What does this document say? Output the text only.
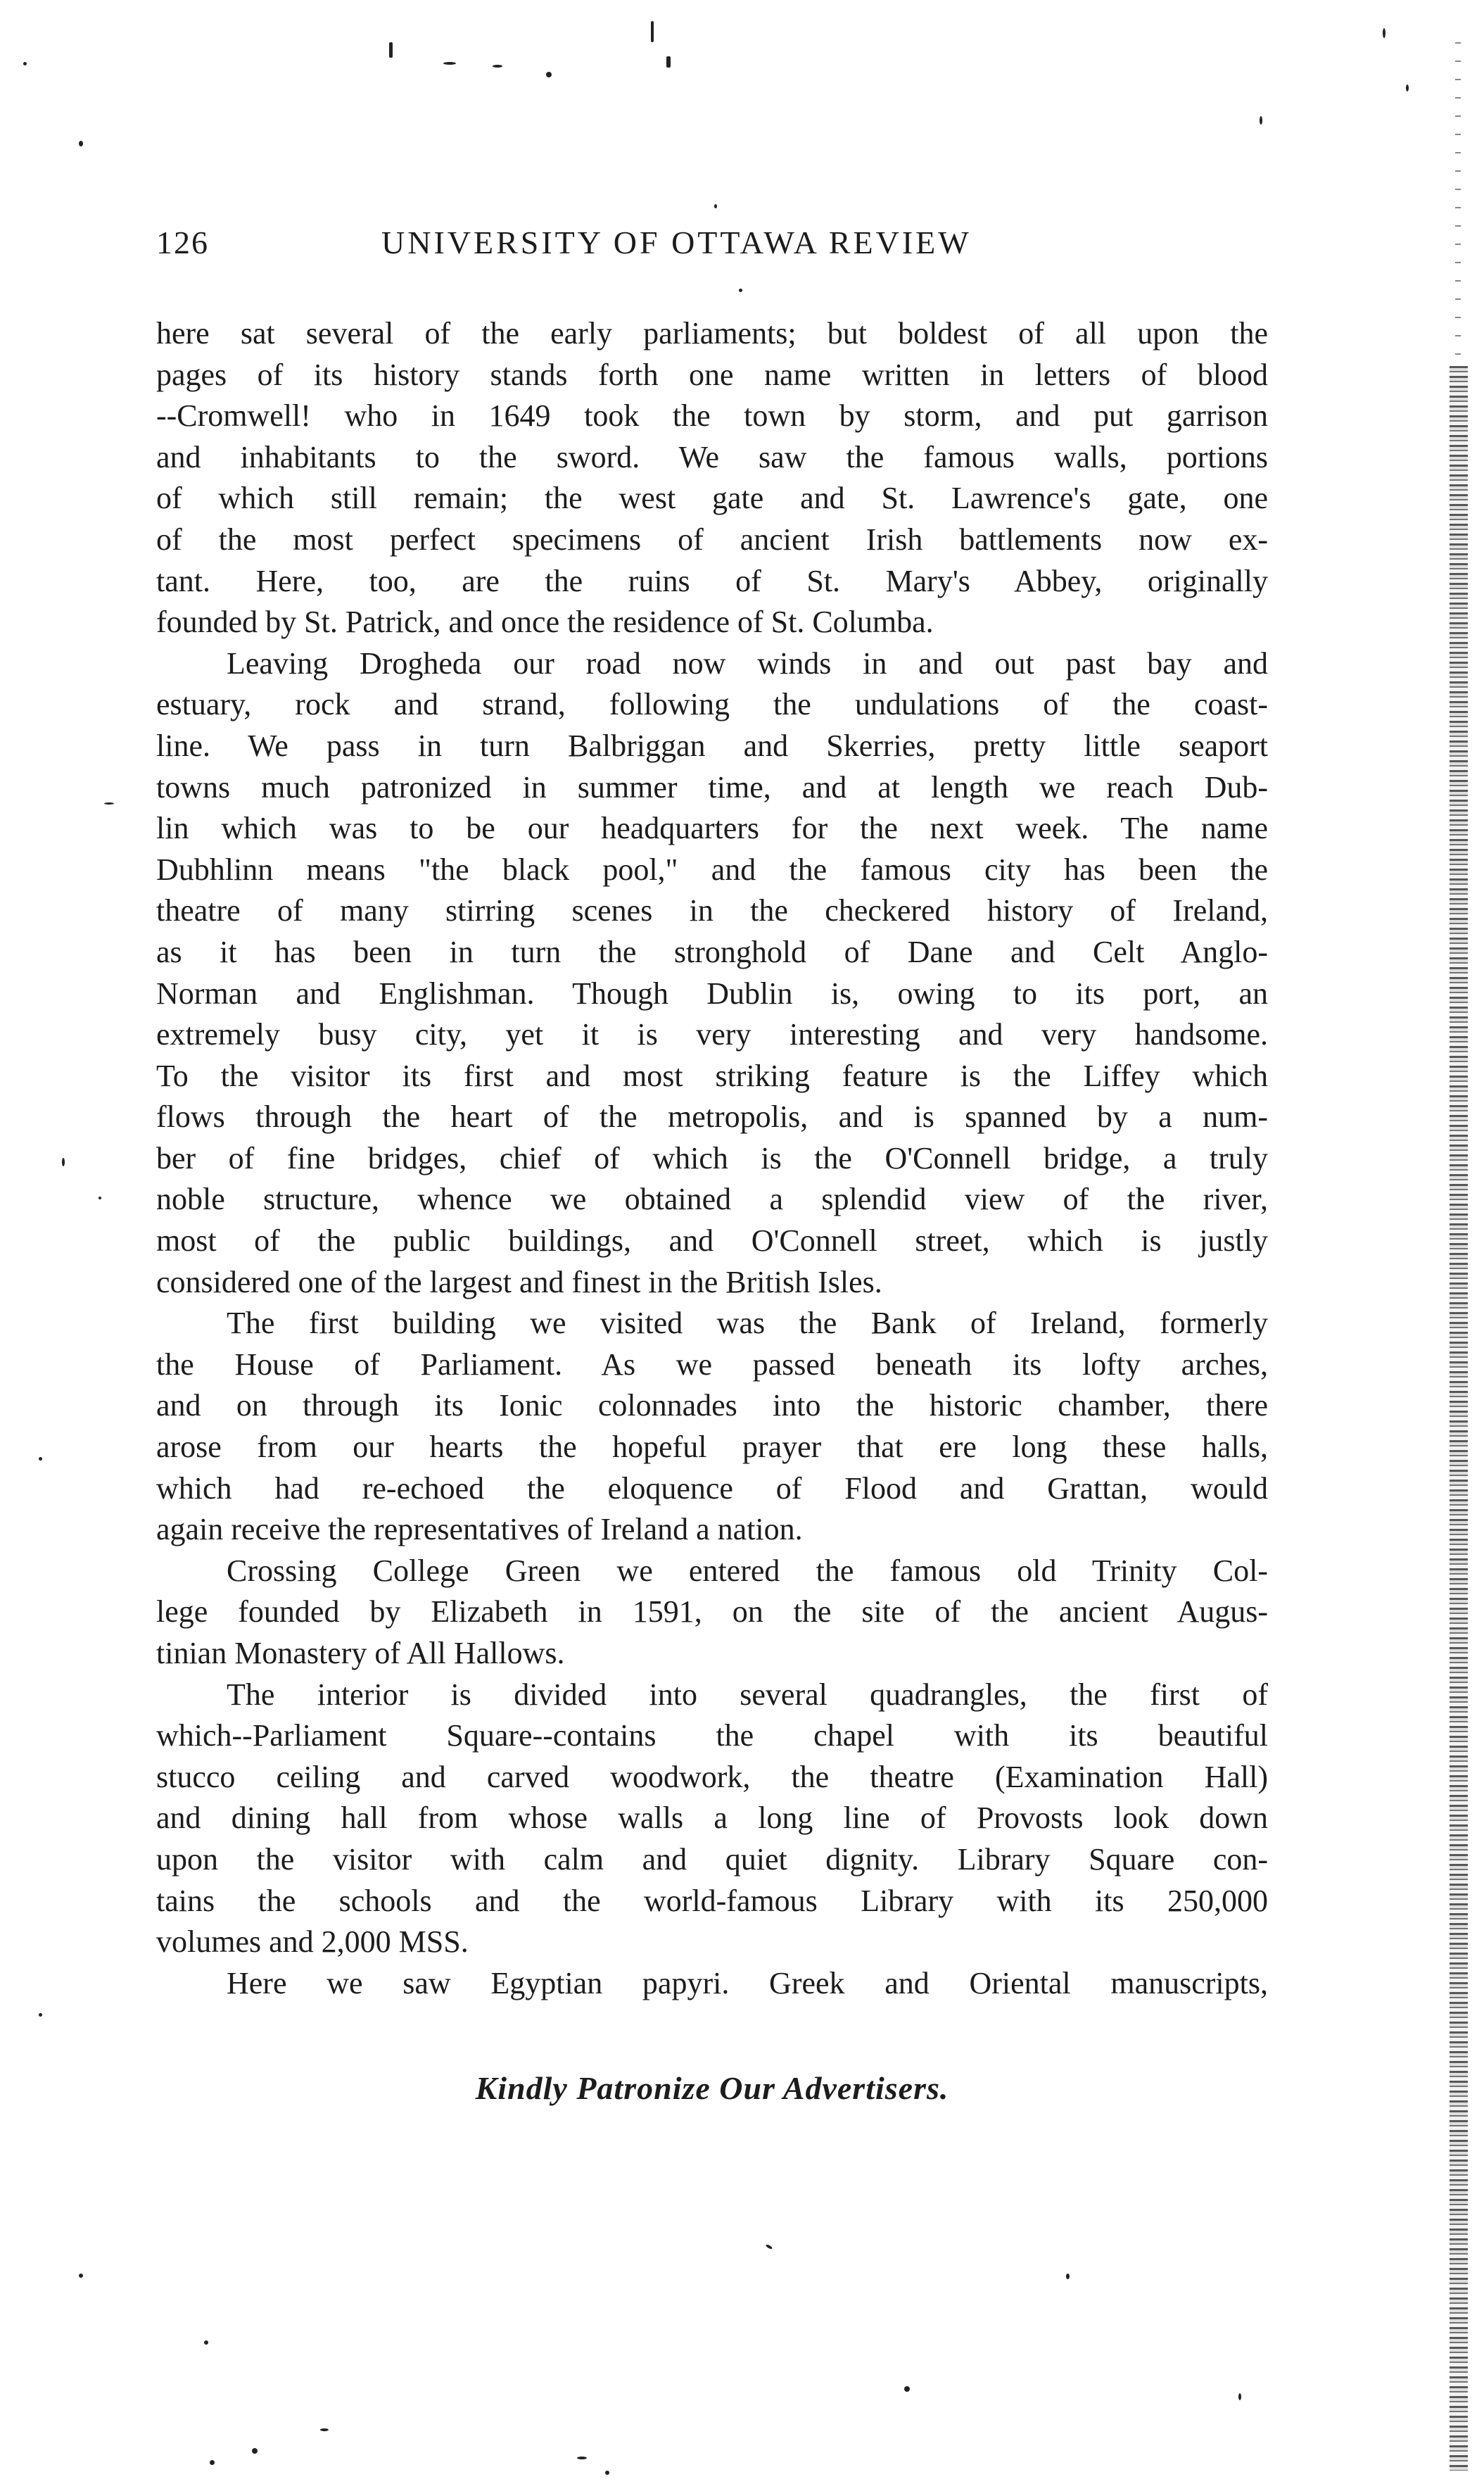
126	UNIVERSITY OF OTTAWA REVIEW
here sat several of the early parliaments; but boldest of all upon the
pages of its history stands forth one name written in letters of blood
--Cromwell! who in 1649 took the town by storm, and put garrison
and inhabitants to the sword. We saw the famous walls, portions
of which still remain; the west gate and St. Lawrence's gate, one
of the most perfect specimens of ancient Irish battlements now ex-
tant. Here, too, are the ruins of St. Mary's Abbey, originally
founded by St. Patrick, and once the residence of St. Columba.
Leaving Drogheda our road now winds in and out past bay and
estuary, rock and strand, following the undulations of the coast-
line. We pass in turn Balbriggan and Skerries, pretty little seaport
towns much patronized in summer time, and at length we reach Dub-
lin which was to be our headquarters for the next week. The name
Dubhlinn means "the black pool," and the famous city has been the
theatre of many stirring scenes in the checkered history of Ireland,
as it has been in turn the stronghold of Dane and Celt Anglo-
Norman and Englishman. Though Dublin is, owing to its port, an
extremely busy city, yet it is very interesting and very handsome.
To the visitor its first and most striking feature is the Liffey which
flows through the heart of the metropolis, and is spanned by a num-
ber of fine bridges, chief of which is the O'Connell bridge, a truly
noble structure, whence we obtained a splendid view of the river,
most of the public buildings, and O'Connell street, which is justly
considered one of the largest and finest in the British Isles.
The first building we visited was the Bank of Ireland, formerly
the House of Parliament. As we passed beneath its lofty arches,
and on through its Ionic colonnades into the historic chamber, there
arose from our hearts the hopeful prayer that ere long these halls,
which had re-echoed the eloquence of Flood and Grattan, would
again receive the representatives of Ireland a nation.
Crossing College Green we entered the famous old Trinity Col-
lege founded by Elizabeth in 1591, on the site of the ancient Augus-
tinian Monastery of All Hallows.
The interior is divided into several quadrangles, the first of
which--Parliament Square--contains the chapel with its beautiful
stucco ceiling and carved woodwork, the theatre (Examination Hall)
and dining hall from whose walls a long line of Provosts look down
upon the visitor with calm and quiet dignity. Library Square con-
tains the schools and the world-famous Library with its 250,000
volumes and 2,000 MSS.
Here we saw Egyptian papyri. Greek and Oriental manuscripts,
Kindly Patronize Our Advertisers.
